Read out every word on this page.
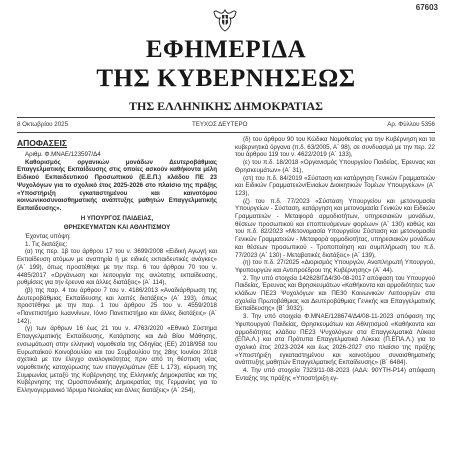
67603
ΕΦΗΜΕΡΙΔΑ
ΤΗΣ ΚΥΒΕΡΝΗΣΕΩΣ
ΤΗΣ ΕΛΛΗΝΙΚΗΣ ΔΗΜΟΚΡΑΤΙΑΣ
8 Οκτωβρίου 2025	ΤΕΥΧΟΣ ΔΕΥΤΕΡΟ	Αρ. Φύλλου 5356

ΑΠΟΦΑΣΕΙΣ

Αριθμ. Φ.ΜΝΑΕ/123597/Δ4

Καθορισμός οργανικών μονάδων Δευτεροβάθμιας Επαγγελματικής Εκπαίδευσης στις οποίες ασκούν καθήκοντα μέλη Ειδικού Εκπαιδευτικού Προσωπικού (Ε.Ε.Π.) κλάδου ΠΕ 23 Ψυχολόγων για το σχολικό έτος 2025-2026 στο πλαίσιο της πράξης «Υποστήριξη εγκαταστημένου και καινοτόμου κοινωνικοσυναισθηματικής ανάπτυξης μαθητών Επαγγελματικής Εκπαίδευσης».

Η ΥΠΟΥΡΓΟΣ ΠΑΙΔΕΙΑΣ,

ΘΡΗΣΚΕΥΜΑΤΩΝ ΚΑΙ ΑΘΛΗΤΙΣΜΟΥ

Έχοντας υπόψη:

1. Τις διατάξεις:

(α) της περ. 1β του άρθρου 17 του ν. 3699/2008 «Ειδική Αγωγή και Εκπαίδευση ατόμων με αναπηρία ή με ειδικές εκπαιδευτικές ανάγκες» (Α΄ 199), όπως προστέθηκε με την περ. 6 του άρθρου 70 του ν. 4485/2017 «Οργάνωση και λειτουργία της ανώτατης εκπαίδευσης, ρυθμίσεις για την έρευνα και άλλες διατάξεις» (Α΄ 114),

(β) της παρ. 4 του άρθρου 7 του ν. 4186/2013 «Αναδιάρθρωση της Δευτεροβάθμιας Εκπαίδευσης και λοιπές διατάξεις» (Α΄ 193), όπως προστέθηκε με την παρ. 1 του άρθρου 25 του ν. 4559/2018 «Πανεπιστήμιο Ιωαννίνων, Ιόνιο Πανεπιστήμιο και άλλες διατάξεις» (Α΄ 142),

(γ) των άρθρων 16 έως 21 του ν. 4763/2020 «Εθνικό Σύστημα Επαγγελματικής Εκπαίδευσης, Κατάρτισης και Διά Βίου Μάθησης, ενσωμάτωση στην ελληνική νομοθεσία της Οδηγίας (ΕΕ) 2018/958 του Ευρωπαϊκού Κοινοβουλίου και του Συμβουλίου της 28ης Ιουνίου 2018 σχετικά με τον έλεγχο αναλογικότητας πριν από τη θέσπιση νέας νομοθετικής κατοχύρωσης των επαγγελμάτων (ΕΕ L 173), κύρωση της Συμφωνίας μεταξύ της Κυβέρνησης της Ελληνικής Δημοκρατίας και της Κυβέρνησης της Ομοσπονδιακής Δημοκρατίας της Γερμανίας για το Ελληνογερμανικό Ίδρυμα Νεολαίας και άλλες διατάξεις» (Α΄ 254),

(δ) του άρθρου 90 του Κώδικα Νομοθεσίας για την Κυβέρνηση και τα κυβερνητικά όργανα (π.δ. 63/2005, Α΄ 98), σε συνδυασμό με την περ. 22 του άρθρου 119 του ν. 4622/2019 (Α΄ 133),

(ε) του π.δ. 18/2018 «Οργανισμός Υπουργείου Παιδείας, Έρευνας και Θρησκευμάτων» (Α΄ 31),

(στ) του π.δ. 84/2019 «Σύσταση και κατάργηση Γενικών Γραμματειών και Ειδικών Γραμματειών/Ενιαίων Διοικητικών Τομέων Υπουργείων» (Α΄ 123),

(ζ) του π.δ. 77/2023 «Σύσταση Υπουργείου και μετονομασία Υπουργείων - Σύσταση, κατάργηση και μετονομασία Γενικών και Ειδικών Γραμματειών - Μεταφορά αρμοδιοτήτων, υπηρεσιακών μονάδων, θέσεων προσωπικού και εποπτευόμενων φορέων» (Α΄ 130) καθώς και του π.δ. 82/2023 «Μετονομασία Υπουργείου Σύσταση και μετονομασία Γενικών Γραμματειών - Μεταφορά αρμοδιοτήτας, υπηρεσιακών μονάδων και θέσεων προσωπικού - Τροποποίηση και συμπλήρωση του π.δ. 77/2023 (Α΄ 130) - Μεταβατικές διατάξεις» (Α΄ 139),

(η) του π.δ. 27/2025 «Διορισμός Υπουργών, Αναπληρωτή Υπουργού, Υφυπουργών και Αντιπροέδρου της Κυβέρνησης» (Α΄ 44).

2. Την υπό στοιχεία 142628/ΓΔ4/30-08-2017 απόφαση του Υπουργού Παιδείας, Έρευνας και Θρησκευμάτων «Καθήκοντα και αρμοδιότητες των κλάδων ΠΕ23 Ψυχολόγων και ΠΕ30 Κοινωνικών Λειτουργών στα σχολεία Πρωτοβάθμιας και Δευτεροβάθμιας Γενικής και Επαγγελματικής Εκπαίδευσης» (Β΄ 3032).

3. Την υπό στοιχεία Φ.ΜΝΑΕ/128674/Δ4/08-11-2023 απόφαση της Υφυπουργού Παιδείας, Θρησκευμάτων και Αθλητισμού «Καθήκοντα και αρμοδιότητες κλάδου ΠΕ23 Ψυχολόγων στα Επαγγελματικά Λύκεια (ΕΠΑ.Λ.) και στα Πρότυπα Επαγγελματικά Λύκεια (Π.ΕΠΑ.Λ.) για το σχολικό έτος 2023-2024 και έως 2026-2027 στο πλαίσιο της πράξης «Υποστήριξη εγκαταστημένου και καινοτόμου συναισθηματικής ανάπτυξης μαθητών Επαγγελματικής Εκπαίδευσης» (Β΄ 6484).

4. Την υπό στοιχεία 7323/11-08-2023 (ΑΔΑ: 90ΥΤΗ-Ρ14) απόφαση Ένταξης της πράξης «Υποστήριξη εγ-
